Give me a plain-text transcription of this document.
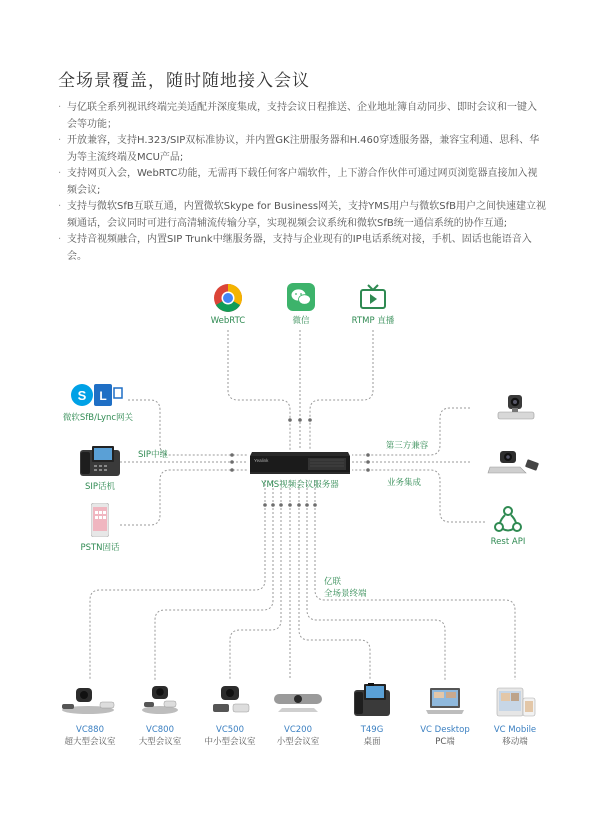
全场景覆盖，随时随地接入会议
· 与亿联全系列视讯终端完美适配并深度集成，支持会议日程推送、企业地址簿自动同步、即时会议和一键入会等功能；
· 开放兼容，支持H.323/SIP双标准协议，并内置GK注册服务器和H.460穿透服务器，兼容宝利通、思科、华为等主流终端及MCU产品;
· 支持网页入会，WebRTC功能，无需再下载任何客户端软件，上下游合作伙伴可通过网页浏览器直接加入视频会议;
· 支持与微软SfB互联互通，内置微软Skype for Business网关，支持YMS用户与微软SfB用户之间快速建立视频通话，会议同时可进行高清辅流传输分享，实现视频会议系统和微软SfB统一通信系统的协作互通;
· 支持音视频融合，内置SIP Trunk中继服务器，支持与企业现有的IP电话系统对接，手机、固话也能语音入会。
WebRTC	微信	RTMP 直播
S L
微软SfB/Lync网关
SIP话机
SIP中继
PSTN固话
Yealink
YMS视频会议服务器
第三方兼容
业务集成
Rest API
亿联
全场景终端
VC880
超大型会议室
VC800
大型会议室
VC500
中小型会议室
VC200
小型会议室
T49G
桌面
VC Desktop
PC端
VC Mobile
移动端
